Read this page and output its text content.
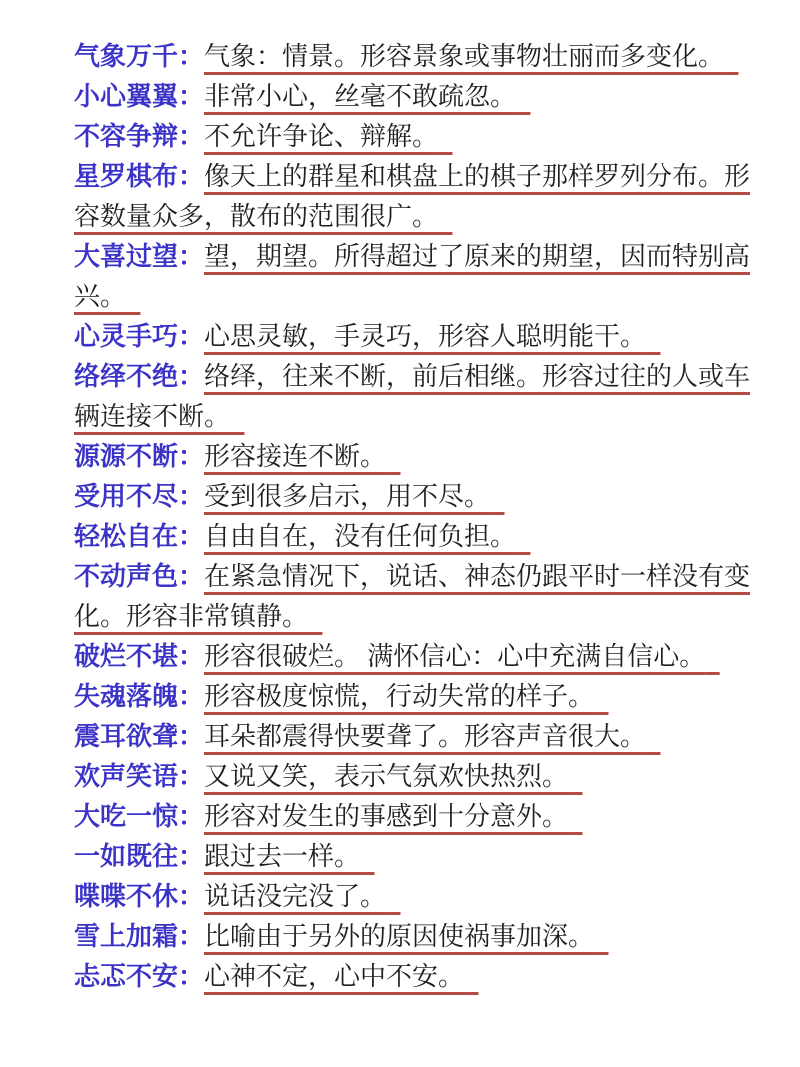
气象万千：气象：情景。形容景象或事物壮丽而多变化。
小心翼翼：非常小心，丝毫不敢疏忽。
不容争辩：不允许争论、辩解。
星罗棋布：像天上的群星和棋盘上的棋子那样罗列分布。形容数量众多，散布的范围很广。
大喜过望：望，期望。所得超过了原来的期望，因而特别高兴。
心灵手巧：心思灵敏，手灵巧，形容人聪明能干。
络绎不绝：络绎，往来不断，前后相继。形容过往的人或车辆连接不断。
源源不断：形容接连不断。
受用不尽：受到很多启示，用不尽。
轻松自在：自由自在，没有任何负担。
不动声色：在紧急情况下，说话、神态仍跟平时一样没有变化。形容非常镇静。
破烂不堪：形容很破烂。 满怀信心：心中充满自信心。
失魂落魄：形容极度惊慌，行动失常的样子。
震耳欲聋：耳朵都震得快要聋了。形容声音很大。
欢声笑语：又说又笑，表示气氛欢快热烈。
大吃一惊：形容对发生的事感到十分意外。
一如既往：跟过去一样。
喋喋不休：说话没完没了。
雪上加霜：比喻由于另外的原因使祸事加深。
忐忑不安：心神不定，心中不安。
